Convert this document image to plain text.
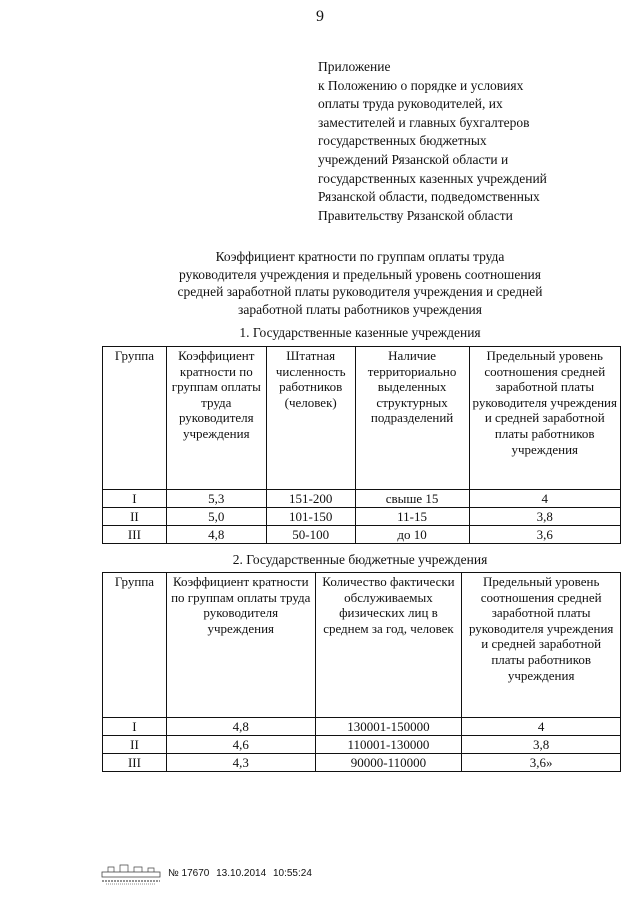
9
Приложение
к Положению о порядке и условиях
оплаты труда руководителей, их
заместителей и главных бухгалтеров
государственных бюджетных
учреждений Рязанской области и
государственных казенных учреждений
Рязанской области, подведомственных
Правительству Рязанской области
Коэффициент кратности по группам оплаты труда
руководителя учреждения и предельный уровень соотношения
средней заработной платы руководителя учреждения и средней
заработной платы работников учреждения
1. Государственные казенные учреждения
Группа	Коэффициент кратности по группам оплаты труда руководителя учреждения	Штатная численность работников (человек)	Наличие территориально выделенных структурных подразделений	Предельный уровень соотношения средней заработной платы руководителя учреждения и средней заработной платы работников учреждения
I	5,3	151-200	свыше 15	4
II	5,0	101-150	11-15	3,8
III	4,8	50-100	до 10	3,6
2. Государственные бюджетные учреждения
Группа	Коэффициент кратности по группам оплаты труда руководителя учреждения	Количество фактически обслуживаемых физических лиц в среднем за год, человек	Предельный уровень соотношения средней заработной платы руководителя учреждения и средней заработной платы работников учреждения
I	4,8	130001-150000	4
II	4,6	110001-130000	3,8
III	4,3	90000-110000	3,6»
№ 17670 13.10.2014 10:55:24
